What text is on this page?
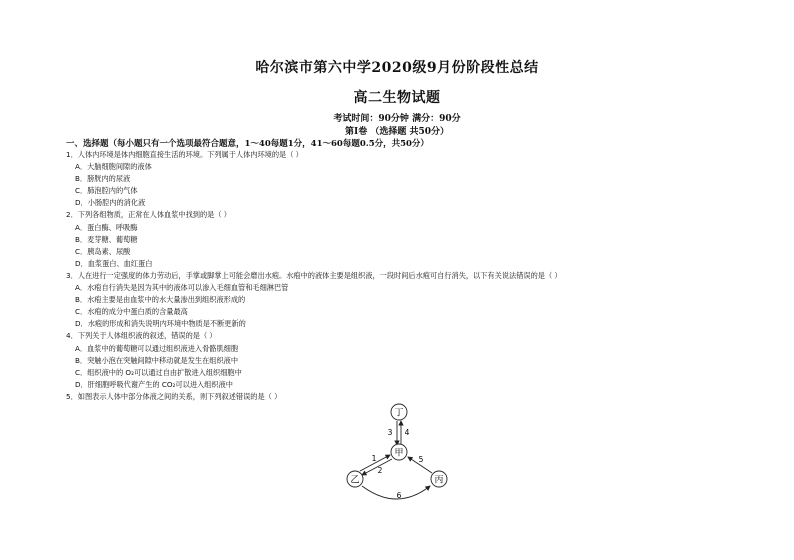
哈尔滨市第六中学2020级9月份阶段性总结
高二生物试题
考试时间：90分钟 满分：90分
第Ⅰ卷 （选择题 共50分）
一、选择题（每小题只有一个选项最符合题意，1～40每题1分，41～60每题0.5分，共50分）
1．人体内环境是体内细胞直接生活的环境。下列属于人体内环境的是（ ）
A．大脑细胞间隙的液体
B．膀胱内的尿液
C．肺泡腔内的气体
D．小肠腔内的消化液
2．下列各组物质，正常在人体血浆中找到的是（ ）
A．蛋白酶、呼吸酶
B．麦芽糖、葡萄糖
C．胰岛素、尿酸
D．血浆蛋白、血红蛋白
3．人在进行一定强度的体力劳动后，手掌或脚掌上可能会磨出水疱。水疱中的液体主要是组织液，一段时间后水疱可自行消失，以下有关说法错误的是（ ）
A．水疱自行消失是因为其中的液体可以渗入毛细血管和毛细淋巴管
B．水疱主要是由血浆中的水大量渗出到组织液形成的
C．水疱的成分中蛋白质的含量最高
D．水疱的形成和消失说明内环境中物质是不断更新的
4．下列关于人体组织液的叙述，错误的是（ ）
A．血浆中的葡萄糖可以通过组织液进入骨骼肌细胞
B．突触小泡在突触间隙中移动就是发生在组织液中
C．组织液中的 O₂可以通过自由扩散进入组织细胞中
D．肝细胞呼吸代谢产生的 CO₂可以进入组织液中
5．如图表示人体中部分体液之间的关系，则下列叙述错误的是（ ）
丁
甲
乙	丙
3 4
1
2
5
6
